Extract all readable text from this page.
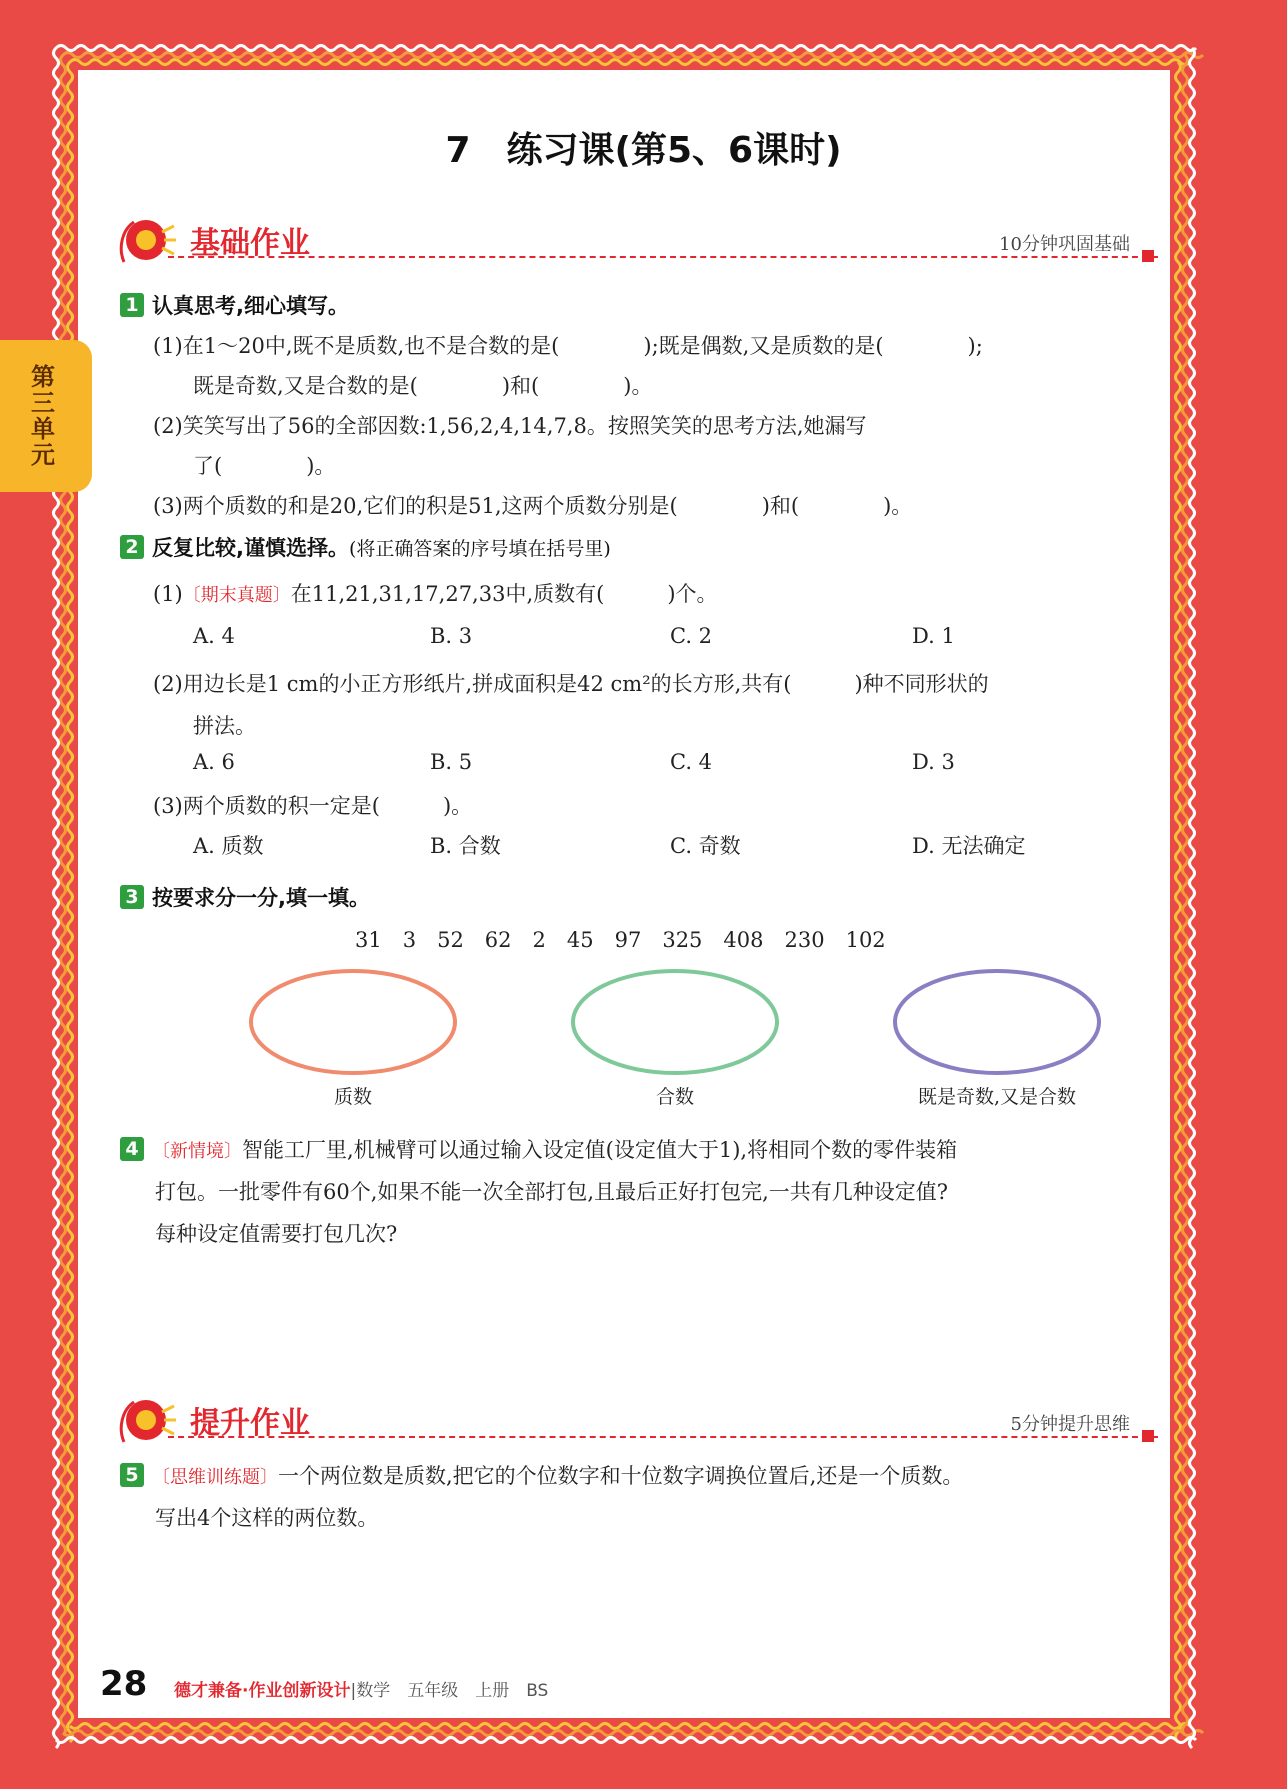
第三单元
7　练习课(第5、6课时)
基础作业	10分钟巩固基础
1 认真思考,细心填写。
(1)在1～20中,既不是质数,也不是合数的是(　　　　);既是偶数,又是质数的是(　　　　);
既是奇数,又是合数的是(　　　　)和(　　　　)。
(2)笑笑写出了56的全部因数:1,56,2,4,14,7,8。按照笑笑的思考方法,她漏写
了(　　　　)。
(3)两个质数的和是20,它们的积是51,这两个质数分别是(　　　　)和(　　　　)。
2 反复比较,谨慎选择。(将正确答案的序号填在括号里)
(1)〔期末真题〕在11,21,31,17,27,33中,质数有(　　　)个。
A. 4	B. 3	C. 2	D. 1
(2)用边长是1 cm的小正方形纸片,拼成面积是42 cm²的长方形,共有(　　　)种不同形状的
拼法。
A. 6	B. 5	C. 4	D. 3
(3)两个质数的积一定是(　　　)。
A. 质数	B. 合数	C. 奇数	D. 无法确定
3 按要求分一分,填一填。
31　3　52　62　2　45　97　325　408　230　102
质数	合数	既是奇数,又是合数
4 〔新情境〕智能工厂里,机械臂可以通过输入设定值(设定值大于1),将相同个数的零件装箱
打包。一批零件有60个,如果不能一次全部打包,且最后正好打包完,一共有几种设定值?
每种设定值需要打包几次?
提升作业	5分钟提升思维
5 〔思维训练题〕一个两位数是质数,把它的个位数字和十位数字调换位置后,还是一个质数。
写出4个这样的两位数。
28 德才兼备·作业创新设计|数学　五年级　上册　BS
